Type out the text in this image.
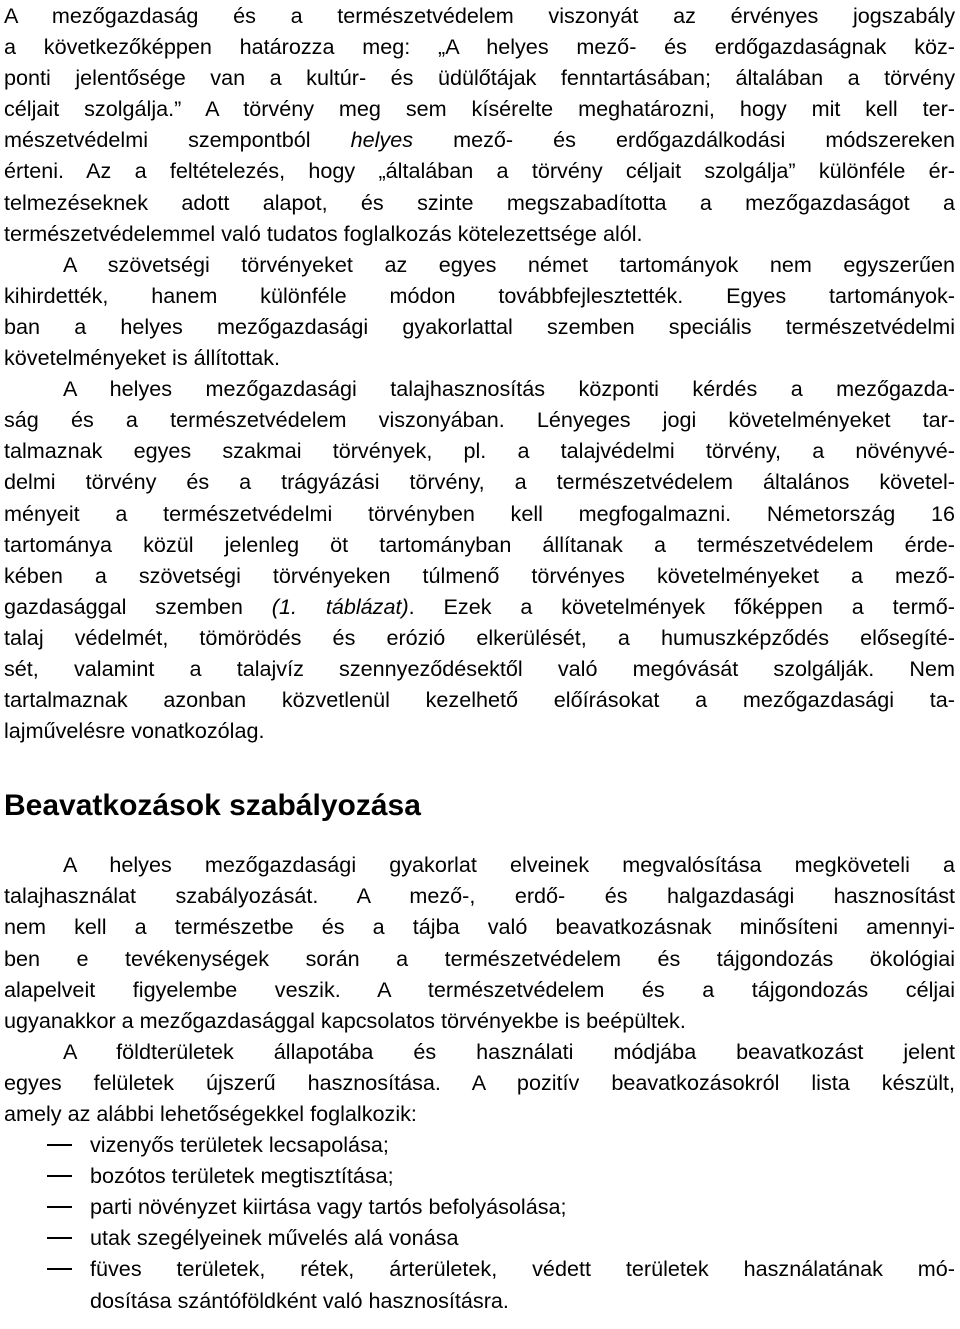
A mezőgazdaság és a természetvédelem viszonyát az érvényes jogszabály
a következőképpen határozza meg: „A helyes mező- és erdőgazdaságnak köz-
ponti jelentősége van a kultúr- és üdülőtájak fenntartásában; általában a törvény
céljait szolgálja.” A törvény meg sem kísérelte meghatározni, hogy mit kell ter-
mészetvédelmi szempontból helyes mező- és erdőgazdálkodási módszereken
érteni. Az a feltételezés, hogy „általában a törvény céljait szolgálja” különféle ér-
telmezéseknek adott alapot, és szinte megszabadította a mezőgazdaságot a
természetvédelemmel való tudatos foglalkozás kötelezettsége alól.
A szövetségi törvényeket az egyes német tartományok nem egyszerűen
kihirdették, hanem különféle módon továbbfejlesztették. Egyes tartományok-
ban a helyes mezőgazdasági gyakorlattal szemben speciális természetvédelmi
követelményeket is állítottak.
A helyes mezőgazdasági talajhasznosítás központi kérdés a mezőgazda-
ság és a természetvédelem viszonyában. Lényeges jogi követelményeket tar-
talmaznak egyes szakmai törvények, pl. a talajvédelmi törvény, a növényvé-
delmi törvény és a trágyázási törvény, a természetvédelem általános követel-
ményeit a természetvédelmi törvényben kell megfogalmazni. Németország 16
tartománya közül jelenleg öt tartományban állítanak a természetvédelem érde-
kében a szövetségi törvényeken túlmenő törvényes követelményeket a mező-
gazdasággal szemben (1. táblázat). Ezek a követelmények főképpen a termő-
talaj védelmét, tömörödés és erózió elkerülését, a humuszképződés elősegíté-
sét, valamint a talajvíz szennyeződésektől való megóvását szolgálják. Nem
tartalmaznak azonban közvetlenül kezelhető előírásokat a mezőgazdasági ta-
lajművelésre vonatkozólag.
Beavatkozások szabályozása
A helyes mezőgazdasági gyakorlat elveinek megvalósítása megköveteli a
talajhasználat szabályozását. A mező-, erdő- és halgazdasági hasznosítást
nem kell a természetbe és a tájba való beavatkozásnak minősíteni amennyi-
ben e tevékenységek során a természetvédelem és tájgondozás ökológiai
alapelveit figyelembe veszik. A természetvédelem és a tájgondozás céljai
ugyanakkor a mezőgazdasággal kapcsolatos törvényekbe is beépültek.
A földterületek állapotába és használati módjába beavatkozást jelent
egyes felületek újszerű hasznosítása. A pozitív beavatkozásokról lista készült,
amely az alábbi lehetőségekkel foglalkozik:
vizenyős területek lecsapolása;
bozótos területek megtisztítása;
parti növényzet kiirtása vagy tartós befolyásolása;
utak szegélyeinek művelés alá vonása
füves területek, rétek, árterületek, védett területek használatának mó-
dosítása szántóföldként való hasznosításra.
